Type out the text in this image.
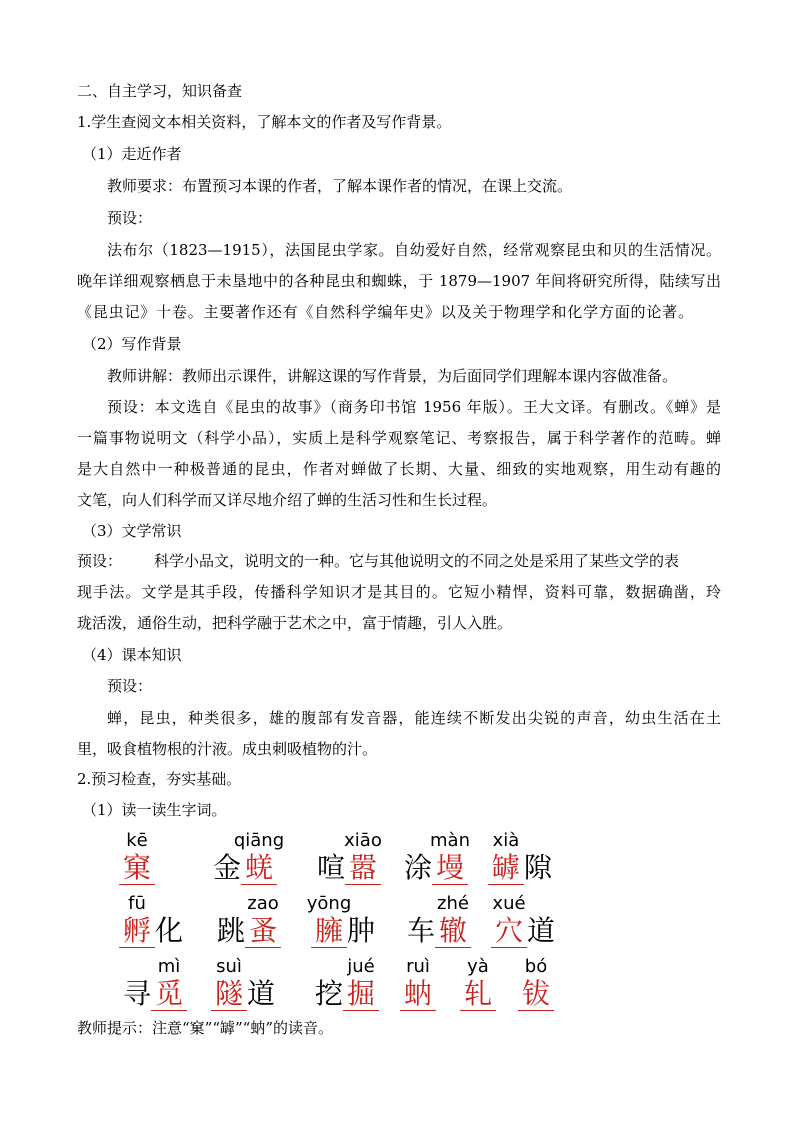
二、自主学习，知识备查
1.学生查阅文本相关资料，了解本文的作者及写作背景。
（1）走近作者
教师要求：布置预习本课的作者，了解本课作者的情况，在课上交流。
预设：
法布尔（1823—1915），法国昆虫学家。自幼爱好自然，经常观察昆虫和贝的生活情况。
晚年详细观察栖息于未垦地中的各种昆虫和蜘蛛，于 1879—1907 年间将研究所得，陆续写出
《昆虫记》十卷。主要著作还有《自然科学编年史》以及关于物理学和化学方面的论著。
（2）写作背景
教师讲解：教师出示课件，讲解这课的写作背景，为后面同学们理解本课内容做准备。
预设：本文选自《昆虫的故事》（商务印书馆 1956 年版）。王大文译。有删改。《蝉》是
一篇事物说明文（科学小品），实质上是科学观察笔记、考察报告，属于科学著作的范畴。蝉
是大自然中一种极普通的昆虫，作者对蝉做了长期、大量、细致的实地观察，用生动有趣的
文笔，向人们科学而又详尽地介绍了蝉的生活习性和生长过程。
（3）文学常识
预设： 科学小品文，说明文的一种。它与其他说明文的不同之处是采用了某些文学的表
现手法。文学是其手段，传播科学知识才是其目的。它短小精悍，资料可靠，数据确凿，玲
珑活泼，通俗生动，把科学融于艺术之中，富于情趣，引人入胜。
（4）课本知识
预设：
蝉，昆虫，种类很多，雄的腹部有发音器，能连续不断发出尖锐的声音，幼虫生活在土
里，吸食植物根的汁液。成虫刺吸植物的汁。
2.预习检查，夯实基础。
（1）读一读生字词。
kē
窠 金
qiāng
蜣 喧
xiāo
嚣 涂
màn
墁
xià
罅 隙
fū
孵 化 跳
zao
蚤
yōng
臃 肿 车
zhé
辙
xué
穴 道
寻
mì
觅
suì
隧 道 挖
jué
掘
ruì
蚋
yà
轧
bó
钹
教师提示：注意“窠”“罅”“蚋”的读音。
